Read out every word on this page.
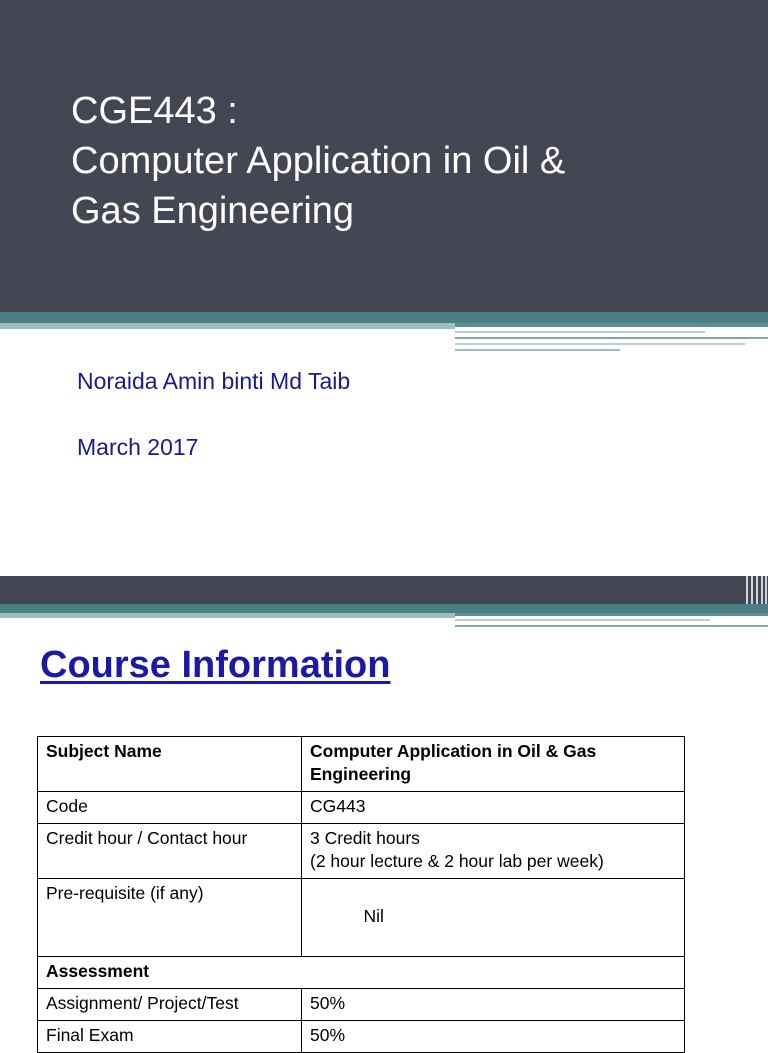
CGE443 :
Computer Application in Oil &
Gas Engineering
Noraida Amin binti Md Taib
March 2017
Course Information
Subject Name	Computer Application in Oil & Gas
Engineering
Code	CG443
Credit hour / Contact hour	3 Credit hours
(2 hour lecture & 2 hour lab per week)
Pre-requisite (if any)	Nil

Assessment	
Assignment/ Project/Test	50%
Final Exam	50%
